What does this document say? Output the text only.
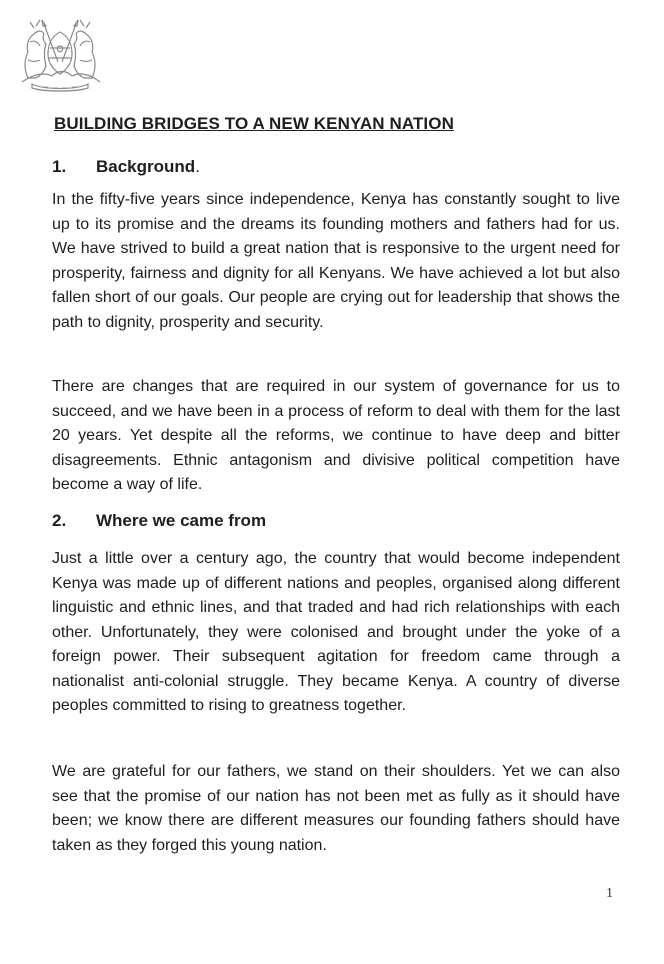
BUILDING BRIDGES TO A NEW KENYAN NATION
1.	Background .

In the fifty-five years since independence, Kenya has constantly sought to live up to its promise and the dreams its founding mothers and fathers had for us. We have strived to build a great nation that is responsive to the urgent need for prosperity, fairness and dignity for all Kenyans. We have achieved a lot but also fallen short of our goals. Our people are crying out for leadership that shows the path to dignity, prosperity and security.

There are changes that are required in our system of governance for us to succeed, and we have been in a process of reform to deal with them for the last 20 years. Yet despite all the reforms, we continue to have deep and bitter disagreements. Ethnic antagonism and divisive political competition have become a way of life.

2.	Where we came from

Just a little over a century ago, the country that would become independent Kenya was made up of different nations and peoples, organised along different linguistic and ethnic lines, and that traded and had rich relationships with each other. Unfortunately, they were colonised and brought under the yoke of a foreign power. Their subsequent agitation for freedom came through a nationalist anti-colonial struggle. They became Kenya. A country of diverse peoples committed to rising to greatness together.

We are grateful for our fathers, we stand on their shoulders. Yet we can also see that the promise of our nation has not been met as fully as it should have been; we know there are different measures our founding fathers should have taken as they forged this young nation.

1
